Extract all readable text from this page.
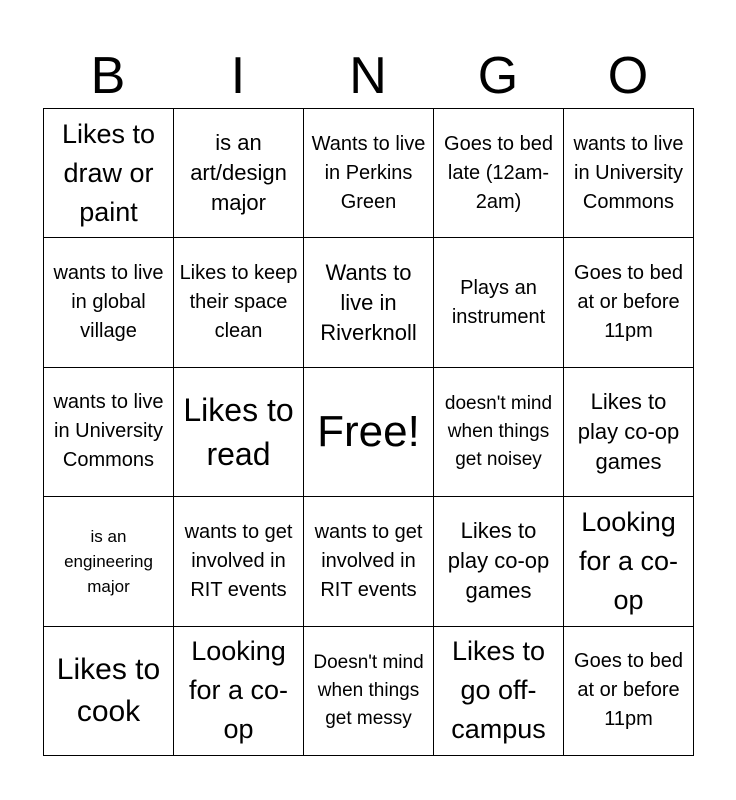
B	I	N	G	O
Likes to draw or paint	is an art/design major	Wants to live in Perkins Green	Goes to bed late (12am-2am)	wants to live in University Commons
wants to live in global village	Likes to keep their space clean	Wants to live in Riverknoll	Plays an instrument	Goes to bed at or before 11pm
wants to live in University Commons	Likes to read	Free!	doesn't mind when things get noisey	Likes to play co-op games
is an engineering major	wants to get involved in RIT events	wants to get involved in RIT events	Likes to play co-op games	Looking for a co-op
Likes to cook	Looking for a co-op	Doesn't mind when things get messy	Likes to go off-campus	Goes to bed at or before 11pm
